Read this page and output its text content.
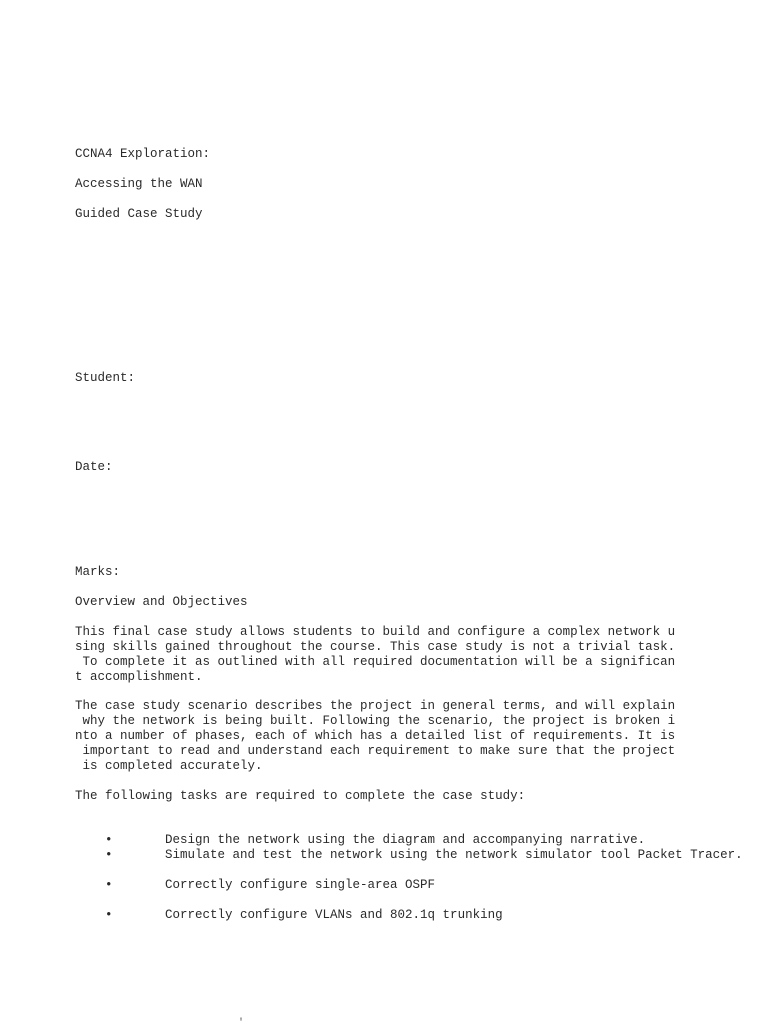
CCNA4 Exploration:
Accessing the WAN
Guided Case Study
Student:
Date:
Marks:
Overview and Objectives
This final case study allows students to build and configure a complex network u
sing skills gained throughout the course. This case study is not a trivial task.
To complete it as outlined with all required documentation will be a significan
t accomplishment.
The case study scenario describes the project in general terms, and will explain
why the network is being built. Following the scenario, the project is broken i
nto a number of phases, each of which has a detailed list of requirements. It is
important to read and understand each requirement to make sure that the project
is completed accurately.
The following tasks are required to complete the case study:

•	Design the network using the diagram and accompanying narrative.

•	Simulate and test the network using the network simulator tool Packet Tracer.

•	Correctly configure single-area OSPF

•	Correctly configure VLANs and 802.1q trunking

'
